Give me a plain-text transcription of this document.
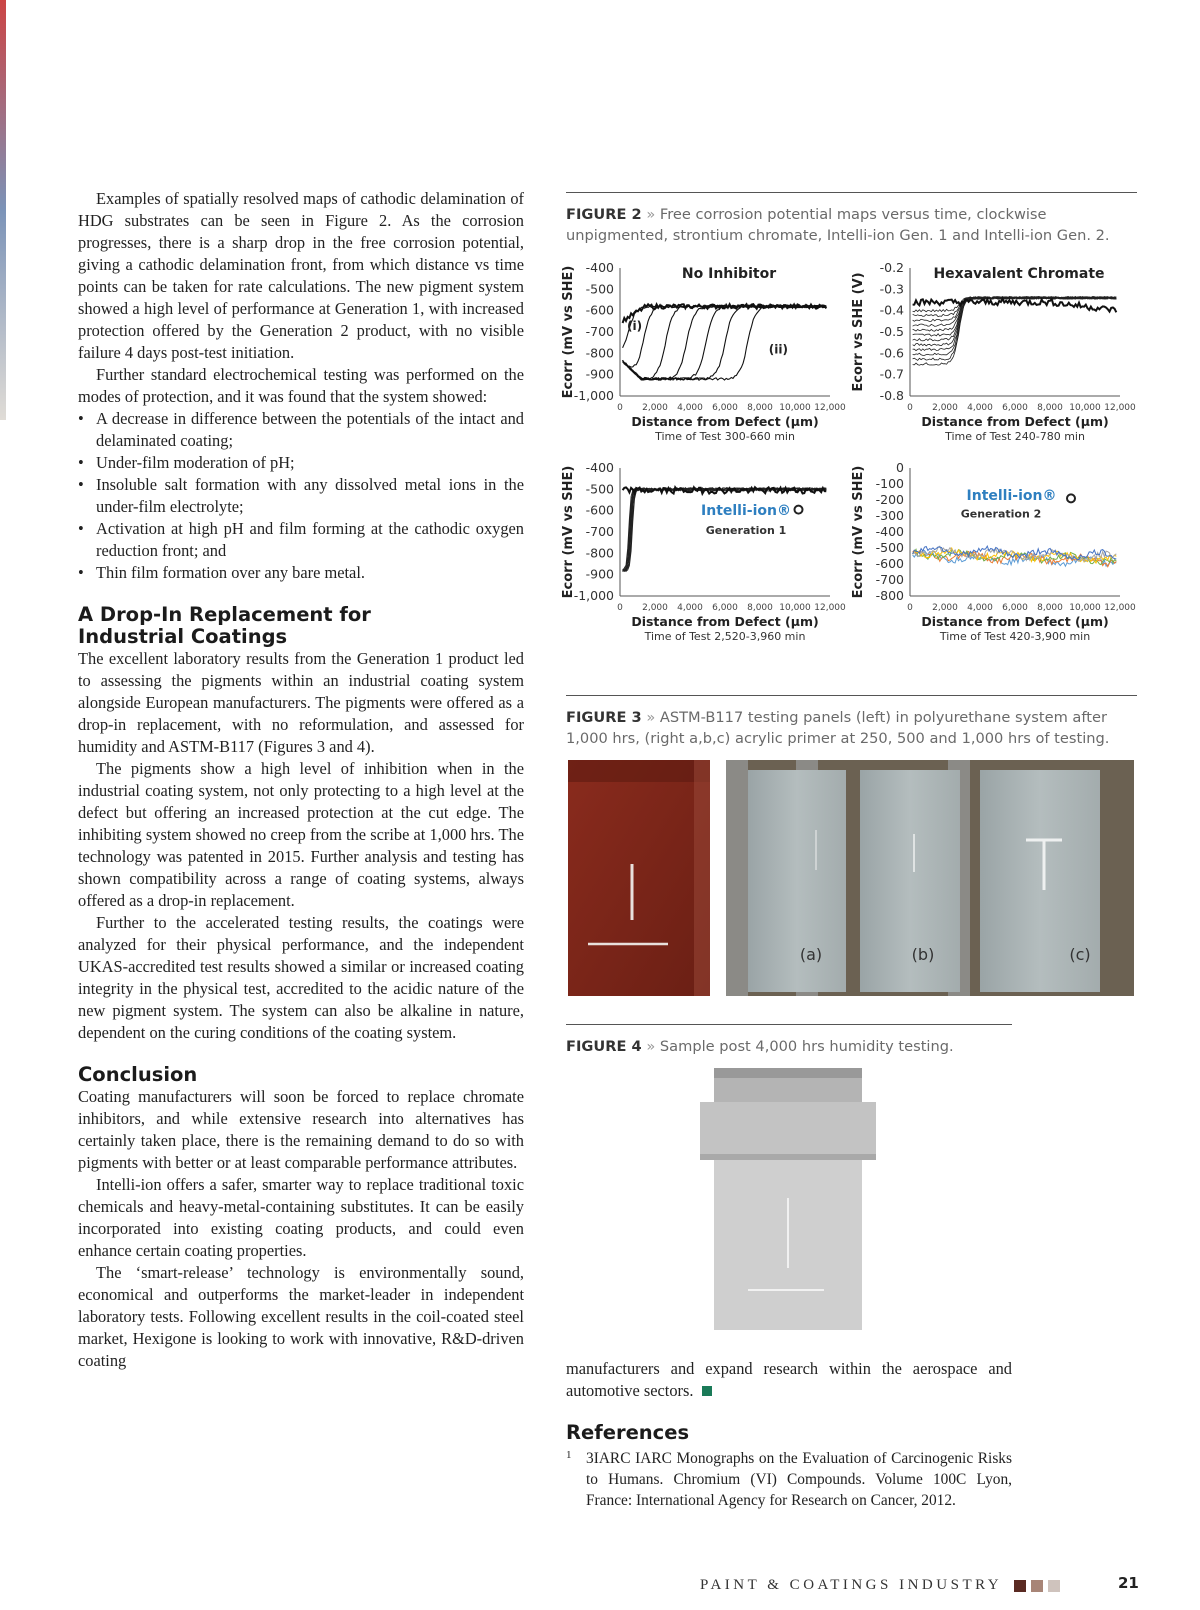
Examples of spatially resolved maps of cathodic delamination of HDG substrates can be seen in Figure 2. As the corrosion progresses, there is a sharp drop in the free corrosion potential, giving a cathodic delamination front, from which distance vs time points can be taken for rate calculations. The new pigment system showed a high level of performance at Generation 1, with increased protection offered by the Generation 2 product, with no visible failure 4 days post-test initiation.

Further standard electrochemical testing was performed on the modes of protection, and it was found that the system showed:

• A decrease in difference between the potentials of the intact and delaminated coating;
• Under-film moderation of pH;
• Insoluble salt formation with any dissolved metal ions in the under-film electrolyte;
• Activation at high pH and film forming at the cathodic oxygen reduction front; and
• Thin film formation over any bare metal.
A Drop-In Replacement for Industrial Coatings

The excellent laboratory results from the Generation 1 product led to assessing the pigments within an industrial coating system alongside European manufacturers. The pigments were offered as a drop-in replacement, with no reformulation, and assessed for humidity and ASTM-B117 (Figures 3 and 4).

The pigments show a high level of inhibition when in the industrial coating system, not only protecting to a high level at the defect but offering an increased protection at the cut edge. The inhibiting system showed no creep from the scribe at 1,000 hrs. The technology was patented in 2015. Further analysis and testing has shown compatibility across a range of coating systems, always offered as a drop-in replacement.

Further to the accelerated testing results, the coatings were analyzed for their physical performance, and the independent UKAS-accredited test results showed a similar or increased coating integrity in the physical test, accredited to the acidic nature of the new pigment system. The system can also be alkaline in nature, dependent on the curing conditions of the coating system.

Conclusion

Coating manufacturers will soon be forced to replace chromate inhibitors, and while extensive research into alternatives has certainly taken place, there is the remaining demand to do so with pigments with better or at least comparable performance attributes.

Intelli-ion offers a safer, smarter way to replace traditional toxic chemicals and heavy-metal-containing substitutes. It can be easily incorporated into existing coating products, and could even enhance certain coating properties.

The ‘smart-release’ technology is environmentally sound, economical and outperforms the market-leader in independent laboratory tests. Following excellent results in the coil-coated steel market, Hexigone is looking to work with innovative, R&D-driven coating

FIGURE 2 » Free corrosion potential maps versus time, clockwise unpigmented, strontium chromate, Intelli-ion Gen. 1 and Intelli-ion Gen. 2.
-400
-500
-600
-700
-800
-900
-1,000
0 2,000 4,000 6,000 8,000 10,000 12,000
Distance from Defect (µm)
Time of Test 300-660 min
Ecorr (mV vs SHE)	No Inhibitor
(i)
(ii)
-0.2
-0.3
-0.4
-0.5
-0.6
-0.7
-0.8
0 2,000 4,000 6,000 8,000 10,000 12,000
Distance from Defect (µm)
Time of Test 240-780 min
Ecorr vs SHE (V)	Hexavalent Chromate
-400
-500
-600
-700
-800
-900
-1,000
0 2,000 4,000 6,000 8,000 10,000 12,000
Distance from Defect (µm)
Time of Test 2,520-3,960 min
Ecorr (mV vs SHE)	Intelli-ion®
Generation 1
0
-100
-200
-300
-400
-500
-600
-700
-800
0 2,000 4,000 6,000 8,000 10,000 12,000
Distance from Defect (µm)
Time of Test 420-3,900 min
Ecorr (mV vs SHE)	Intelli-ion®
Generation 2
FIGURE 3 » ASTM-B117 testing panels (left) in polyurethane system after 1,000 hrs, (right a,b,c) acrylic primer at 250, 500 and 1,000 hrs of testing.
(a)	(b)	(c)
FIGURE 4 » Sample post 4,000 hrs humidity testing.

manufacturers and expand research within the aerospace and automotive sectors.

References
1 3IARC IARC Monographs on the Evaluation of Carcinogenic Risks to Humans. Chromium (VI) Compounds. Volume 100C Lyon, France: International Agency for Research on Cancer, 2012.
PAINT & COATINGS INDUSTRY	21
